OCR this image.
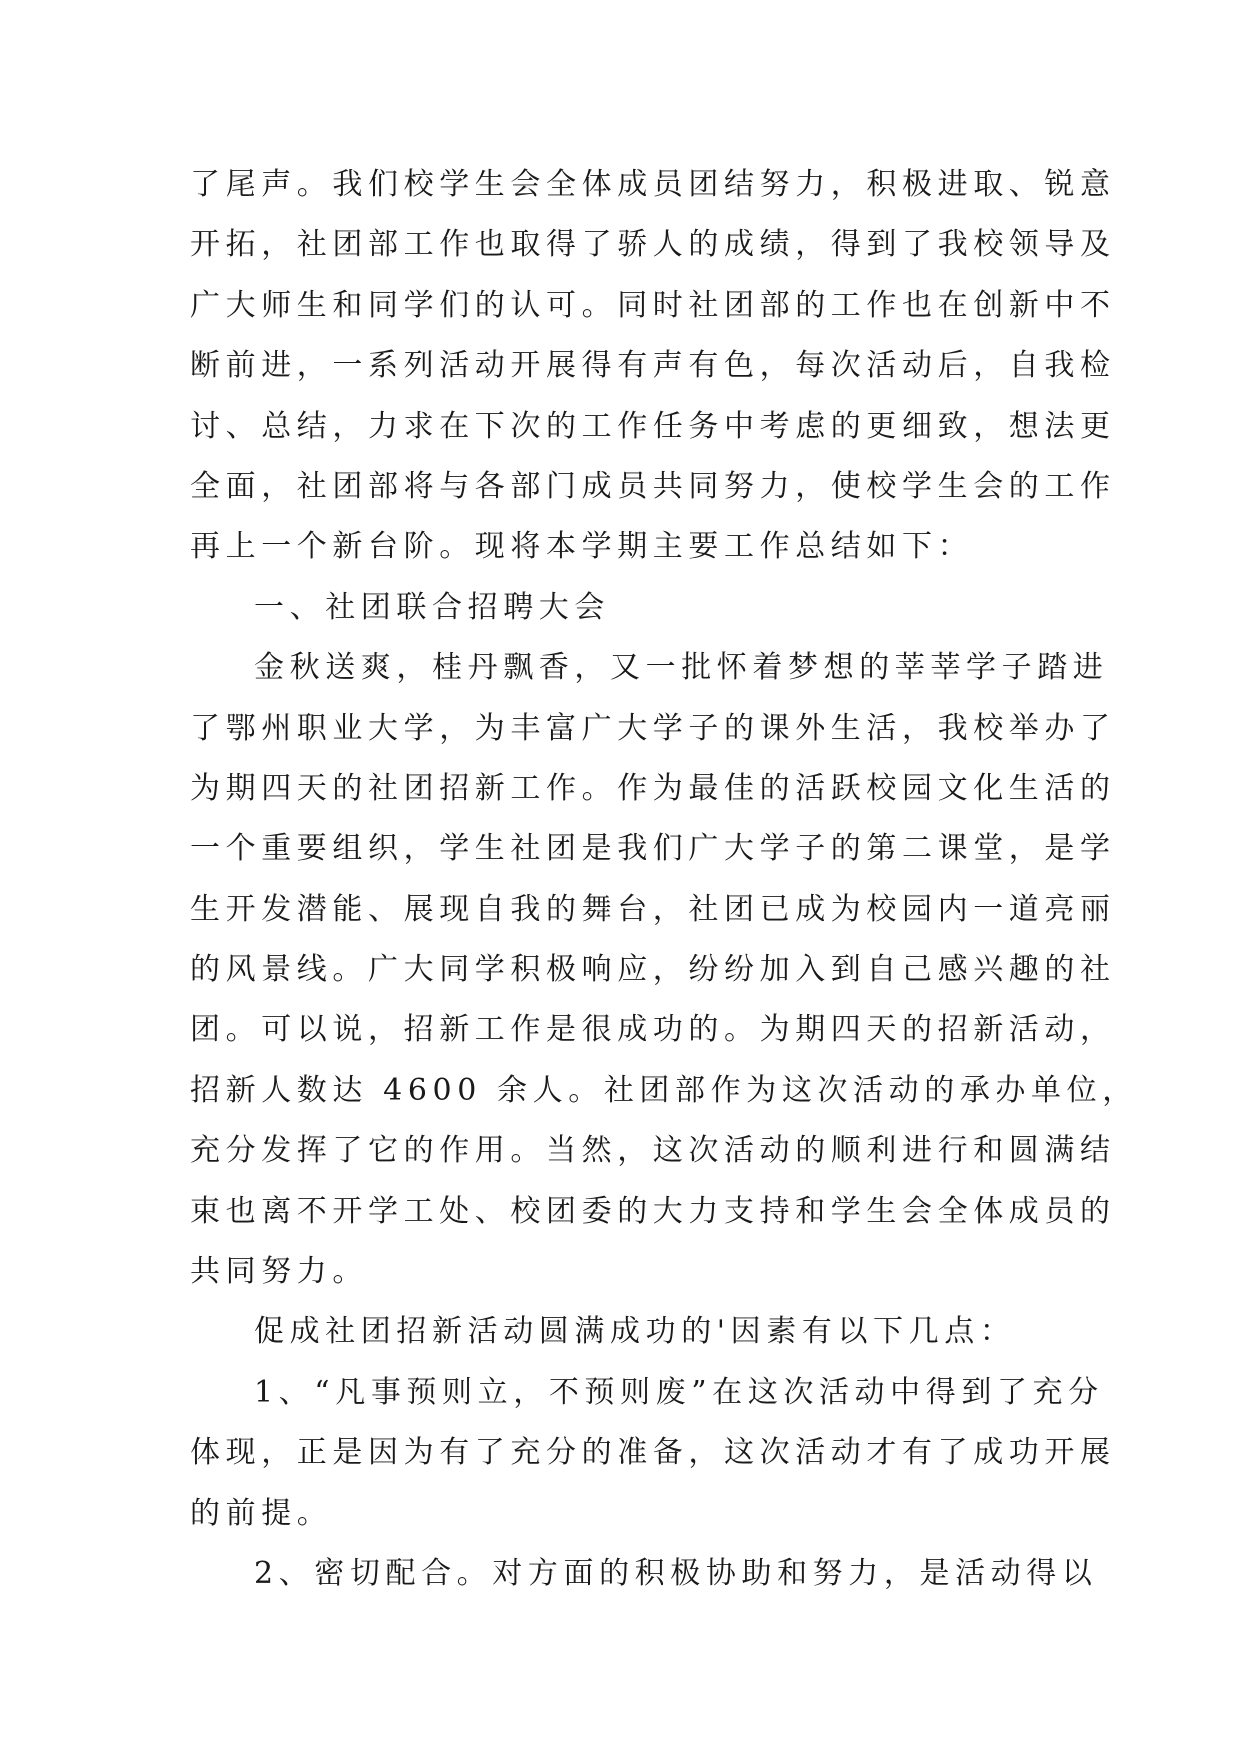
了尾声。我们校学生会全体成员团结努力，积极进取、锐意
开拓，社团部工作也取得了骄人的成绩，得到了我校领导及
广大师生和同学们的认可。同时社团部的工作也在创新中不
断前进，一系列活动开展得有声有色，每次活动后，自我检
讨、总结，力求在下次的工作任务中考虑的更细致，想法更
全面，社团部将与各部门成员共同努力，使校学生会的工作
再上一个新台阶。现将本学期主要工作总结如下：
一、社团联合招聘大会
金秋送爽，桂丹飘香，又一批怀着梦想的莘莘学子踏进
了鄂州职业大学，为丰富广大学子的课外生活，我校举办了
为期四天的社团招新工作。作为最佳的活跃校园文化生活的
一个重要组织，学生社团是我们广大学子的第二课堂，是学
生开发潜能、展现自我的舞台，社团已成为校园内一道亮丽
的风景线。广大同学积极响应，纷纷加入到自己感兴趣的社
团。可以说，招新工作是很成功的。为期四天的招新活动，
招新人数达 4600 余人。社团部作为这次活动的承办单位，
充分发挥了它的作用。当然，这次活动的顺利进行和圆满结
束也离不开学工处、校团委的大力支持和学生会全体成员的
共同努力。
促成社团招新活动圆满成功的'因素有以下几点：
1、“凡事预则立，不预则废”在这次活动中得到了充分
体现，正是因为有了充分的准备，这次活动才有了成功开展
的前提。
2、密切配合。对方面的积极协助和努力，是活动得以
